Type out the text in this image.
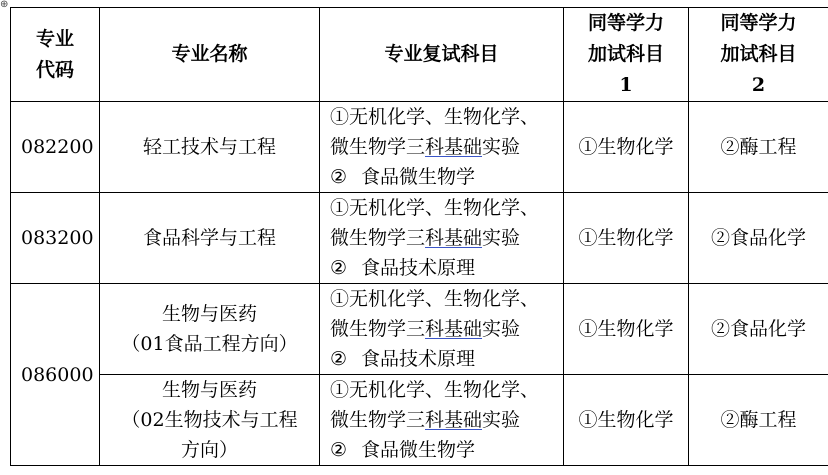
⊕
专业
代码	专业名称	专业复试科目	同等学力
加试科目
1	同等学力
加试科目
2

082200	轻工技术与工程	①无机化学、生物化学、
微生物学三科基础实验
② 食品微生物学	①生物化学	②酶工程
083200	食品科学与工程	①无机化学、生物化学、
微生物学三科基础实验
② 食品技术原理	①生物化学	②食品化学
086000	生物与医药
（01食品工程方向）	①无机化学、生物化学、
微生物学三科基础实验
② 食品技术原理	①生物化学	②食品化学

	生物与医药
（02生物技术与工程
方向）	①无机化学、生物化学、
微生物学三科基础实验
② 食品微生物学	①生物化学	②酶工程
